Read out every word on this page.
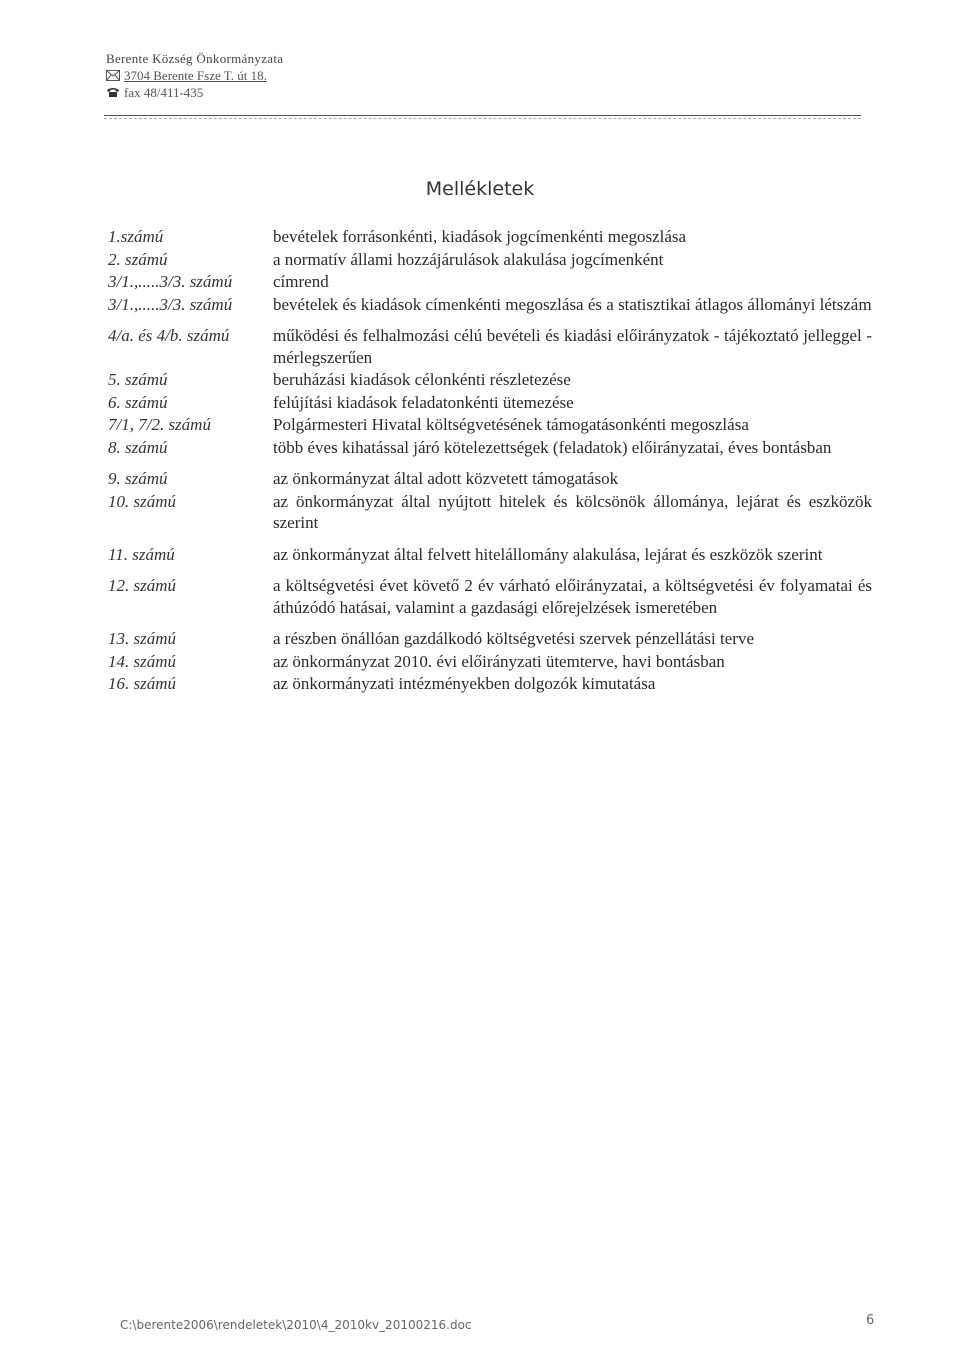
Berente Község Önkormányzata
3704 Berente Fsze T. út 18.
fax 48/411-435
Mellékletek
1.számú	bevételek forrásonkénti, kiadások jogcímenkénti megoszlása
2. számú	a normatív állami hozzájárulások alakulása jogcímenként
3/1.,.....3/3. számú	címrend
3/1.,.....3/3. számú	bevételek és kiadások címenkénti megoszlása és a statisztikai átlagos állományi létszám
4/a. és 4/b. számú	működési és felhalmozási célú bevételi és kiadási előirányzatok - tájékoztató jelleggel - mérlegszerűen
5. számú	beruházási kiadások célonkénti részletezése
6. számú	felújítási kiadások feladatonkénti ütemezése
7/1, 7/2. számú	Polgármesteri Hivatal költségvetésének támogatásonkénti megoszlása
8. számú	több éves kihatással járó kötelezettségek (feladatok) előirányzatai, éves bontásban
9. számú	az önkormányzat által adott közvetett támogatások
10. számú	az önkormányzat által nyújtott hitelek és kölcsönök állománya, lejárat és eszközök szerint
11. számú	az önkormányzat által felvett hitelállomány alakulása, lejárat és eszközök szerint
12. számú	a költségvetési évet követő 2 év várható előirányzatai, a költségvetési év folyamatai és áthúzódó hatásai, valamint a gazdasági előrejelzések ismeretében
13. számú	a részben önállóan gazdálkodó költségvetési szervek pénzellátási terve
14. számú	az önkormányzat 2010. évi előirányzati ütemterve, havi bontásban
16. számú	az önkormányzati intézményekben dolgozók kimutatása
C:\berente2006\rendeletek\2010\4_2010kv_20100216.doc	6
